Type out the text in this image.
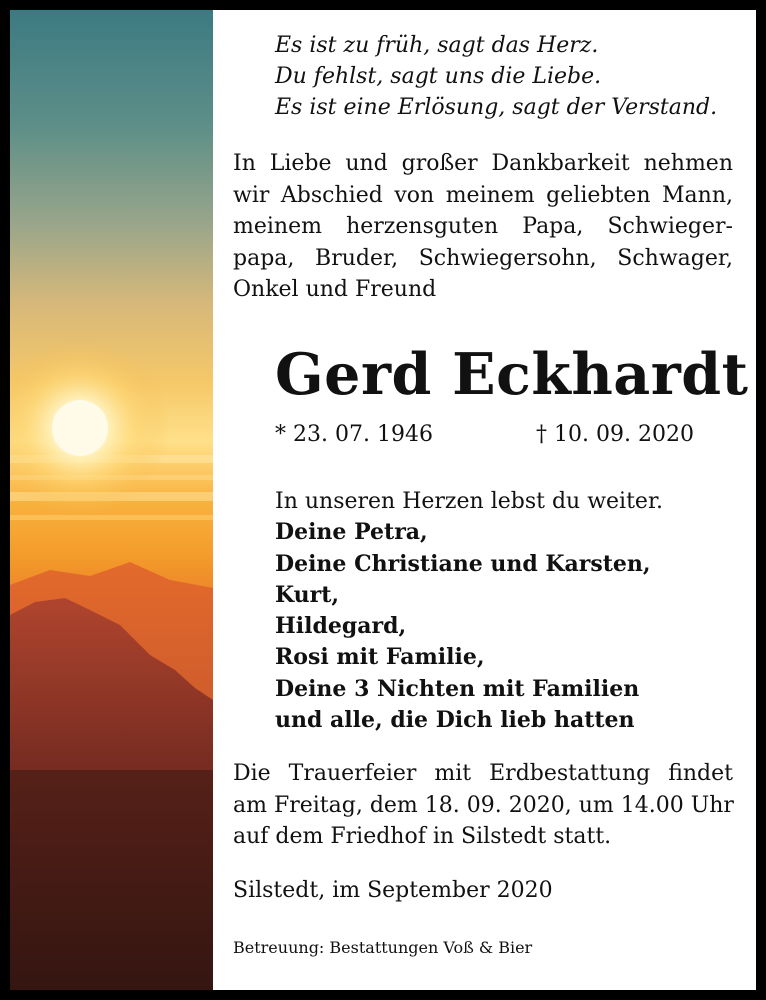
Es ist zu früh, sagt das Herz.
Du fehlst, sagt uns die Liebe.
Es ist eine Erlösung, sagt der Verstand.
In Liebe und großer Dankbarkeit nehmen
wir Abschied von meinem geliebten Mann,
meinem herzensguten Papa, Schwieger-
papa, Bruder, Schwiegersohn, Schwager,
Onkel und Freund
Gerd Eckhardt
* 23. 07. 1946	† 10. 09. 2020
In unseren Herzen lebst du weiter.
Deine Petra,
Deine Christiane und Karsten,
Kurt,
Hildegard,
Rosi mit Familie,
Deine 3 Nichten mit Familien
und alle, die Dich lieb hatten
Die Trauerfeier mit Erdbestattung findet
am Freitag, dem 18. 09. 2020, um 14.00 Uhr
auf dem Friedhof in Silstedt statt.
Silstedt, im September 2020
Betreuung: Bestattungen Voß & Bier
